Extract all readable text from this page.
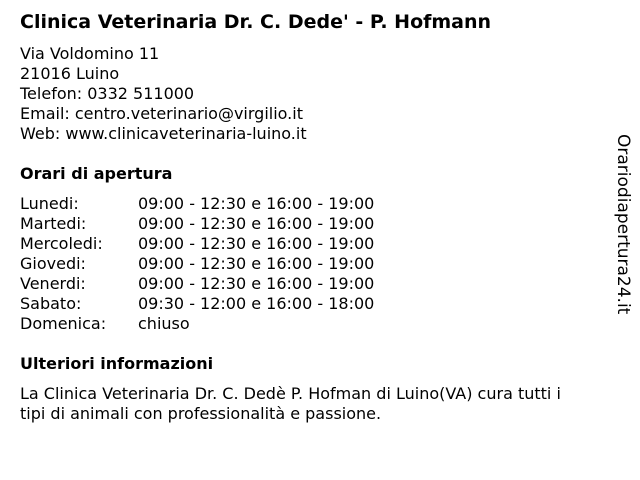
Clinica Veterinaria Dr. C. Dede' - P. Hofmann
Via Voldomino 11
21016 Luino
Telefon: 0332 511000
Email: centro.veterinario@virgilio.it
Web: www.clinicaveterinaria-luino.it
Orari di apertura
Lunedi:	09:00 - 12:30 e 16:00 - 19:00
Martedi:	09:00 - 12:30 e 16:00 - 19:00
Mercoledi:	09:00 - 12:30 e 16:00 - 19:00
Giovedi:	09:00 - 12:30 e 16:00 - 19:00
Venerdi:	09:00 - 12:30 e 16:00 - 19:00
Sabato:	09:30 - 12:00 e 16:00 - 18:00
Domenica:	chiuso
Ulteriori informazioni
La Clinica Veterinaria Dr. C. Dedè P. Hofman di Luino(VA) cura tutti i
tipi di animali con professionalità e passione.
Orariodiapertura24.it
